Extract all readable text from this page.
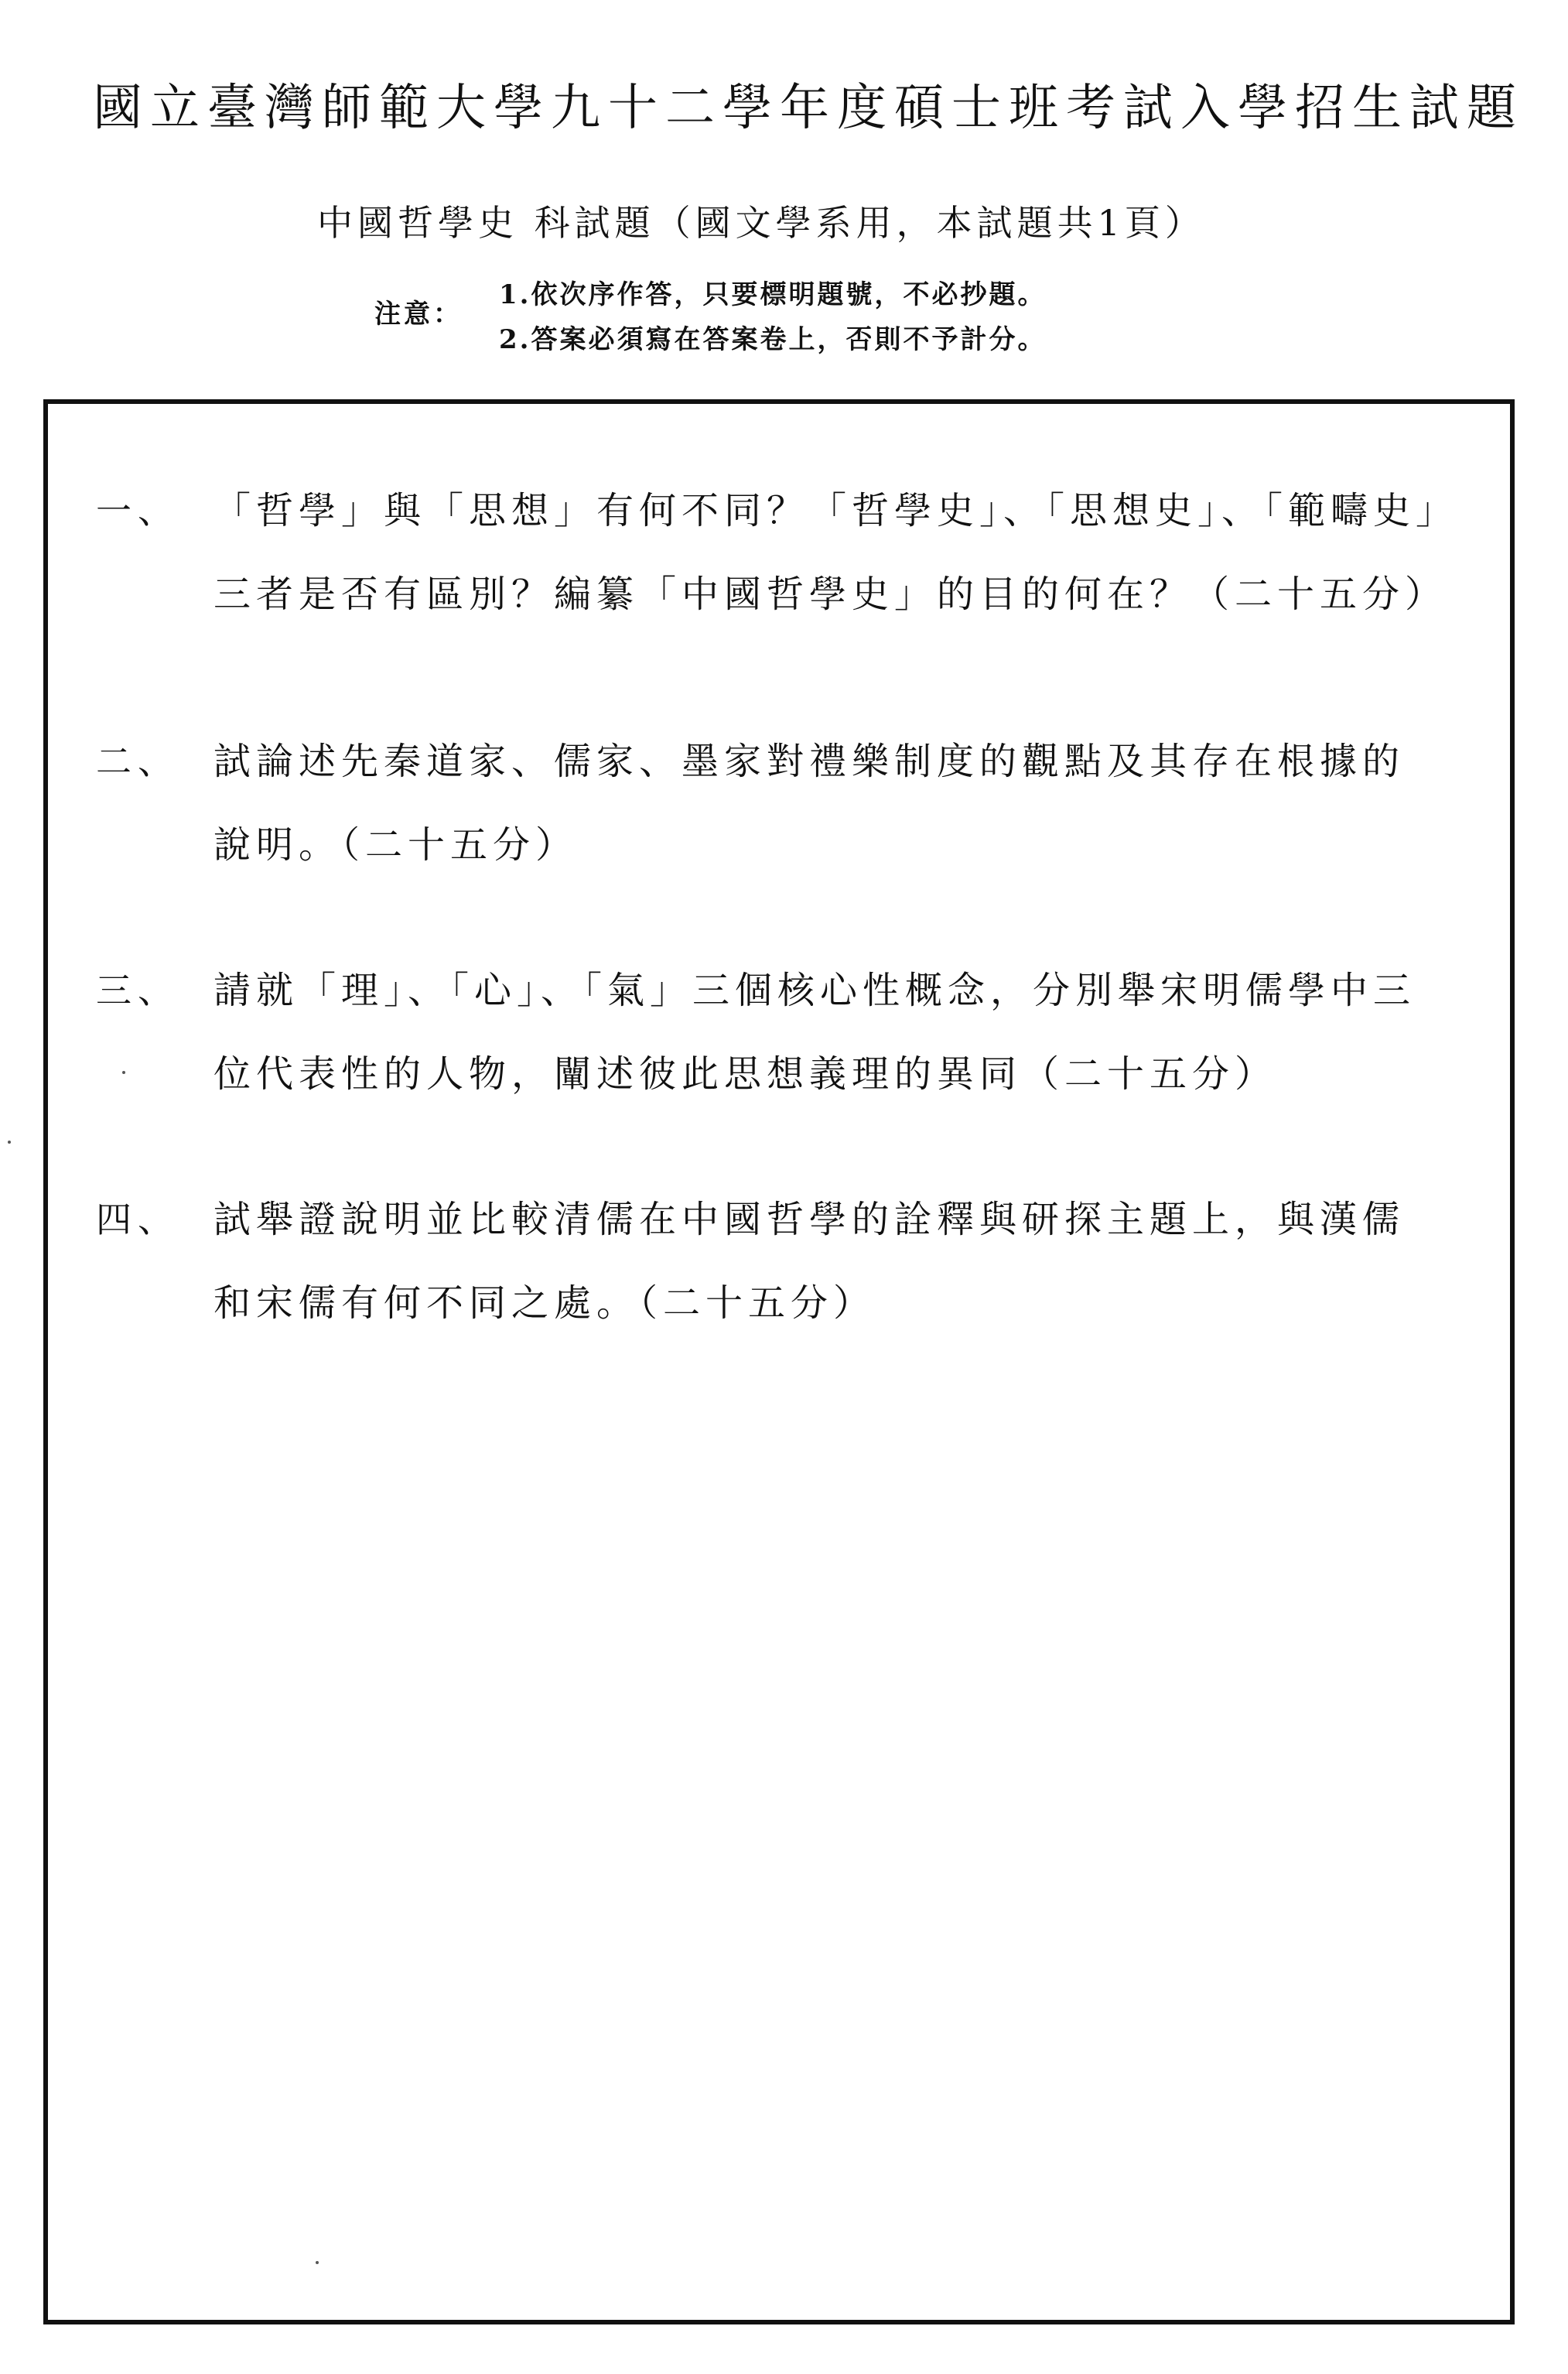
國立臺灣師範大學九十二學年度碩士班考試入學招生試題
中國哲學史 科試題（國文學系用，本試題共1頁）
注意：
1.依次序作答，只要標明題號，不必抄題。
2.答案必須寫在答案卷上，否則不予計分。
一、 「哲學」與「思想」有何不同？「哲學史」、「思想史」、「範疇史」
三者是否有區別？編纂「中國哲學史」的目的何在？（二十五分）
二、 試論述先秦道家、儒家、墨家對禮樂制度的觀點及其存在根據的
說明。（二十五分）
三、 請就「理」、「心」、「氣」三個核心性概念，分別舉宋明儒學中三
位代表性的人物，闡述彼此思想義理的異同（二十五分）
四、 試舉證說明並比較清儒在中國哲學的詮釋與研探主題上，與漢儒
和宋儒有何不同之處。（二十五分）
